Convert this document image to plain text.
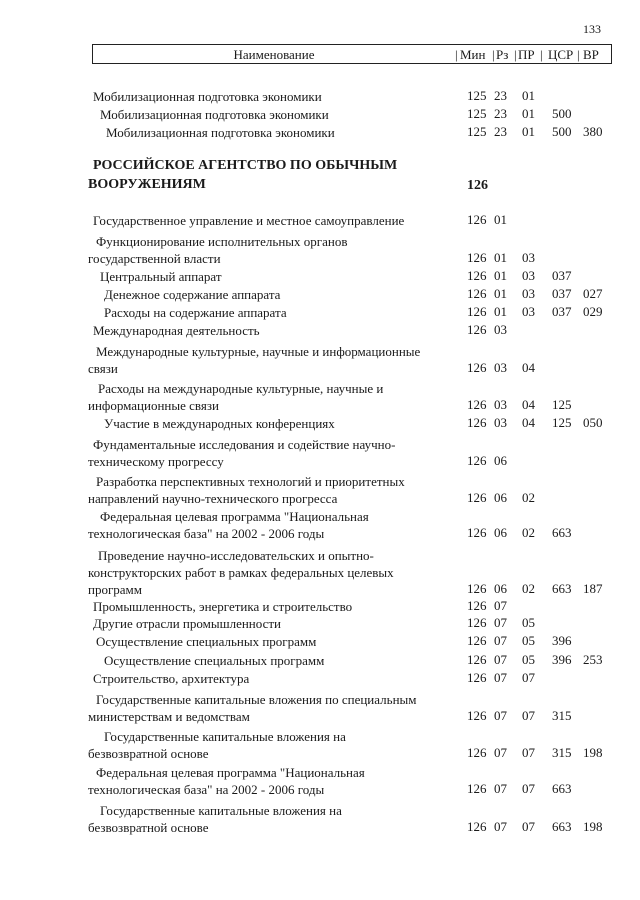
133
Наименование	| Мин | Рз | ПР | ЦСР | ВР
Мобилизационная подготовка экономики	125 23 01
Мобилизационная подготовка экономики	125 23 01 500
Мобилизационная подготовка экономики	125 23 01 500 380
РОССИЙСКОЕ АГЕНТСТВО ПО ОБЫЧНЫМ
ВООРУЖЕНИЯМ	126
Государственное управление и местное самоуправление	126 01
Функционирование исполнительных органов
государственной власти	126 01 03
Центральный аппарат	126 01 03 037
Денежное содержание аппарата	126 01 03 037 027
Расходы на содержание аппарата	126 01 03 037 029
Международная деятельность	126 03
Международные культурные, научные и информационные
связи	126 03 04
Расходы на международные культурные, научные и
информационные связи	126 03 04 125
Участие в международных конференциях	126 03 04 125 050
Фундаментальные исследования и содействие научно-
техническому прогрессу	126 06
Разработка перспективных технологий и приоритетных
направлений научно-технического прогресса	126 06 02
Федеральная целевая программа "Национальная
технологическая база" на 2002 - 2006 годы	126 06 02 663
Проведение научно-исследовательских и опытно-
конструкторских работ в рамках федеральных целевых
программ	126 06 02 663 187
Промышленность, энергетика и строительство	126 07
Другие отрасли промышленности	126 07 05
Осуществление специальных программ	126 07 05 396
Осуществление специальных программ	126 07 05 396 253
Строительство, архитектура	126 07 07
Государственные капитальные вложения по специальным
министерствам и ведомствам	126 07 07 315
Государственные капитальные вложения на
безвозвратной основе	126 07 07 315 198
Федеральная целевая программа "Национальная
технологическая база" на 2002 - 2006 годы	126 07 07 663
Государственные капитальные вложения на
безвозвратной основе	126 07 07 663 198
